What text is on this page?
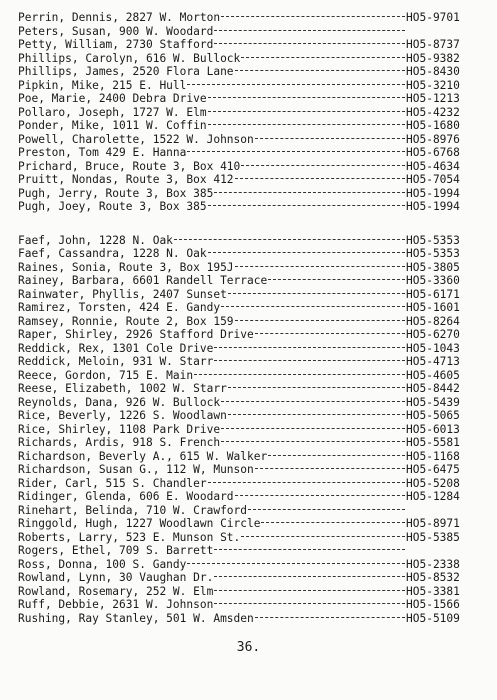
Perrin, Dennis, 2827 W. Morton	HO5-9701
Peters, Susan, 900 W. Woodard
Petty, William, 2730 Stafford	HO5-8737
Phillips, Carolyn, 616 W. Bullock	HO5-9382
Phillips, James, 2520 Flora Lane	HO5-8430
Pipkin, Mike, 215 E. Hull	HO5-3210
Poe, Marie, 2400 Debra Drive	HO5-1213
Pollaro, Joseph, 1727 W. Elm	HO5-4232
Ponder, Mike, 1011 W. Coffin	HO5-1680
Powell, Charolette, 1522 W. Johnson	HO5-8976
Preston, Tom 429 E. Hanna	HO5-6768
Prichard, Bruce, Route 3, Box 410	HO5-4634
Pruitt, Nondas, Route 3, Box 412	HO5-7054
Pugh, Jerry, Route 3, Box 385	HO5-1994
Pugh, Joey, Route 3, Box 385	HO5-1994
Faef, John, 1228 N. Oak	HO5-5353
Faef, Cassandra, 1228 N. Oak	HO5-5353
Raines, Sonia, Route 3, Box 195J	HO5-3805
Rainey, Barbara, 6601 Randell Terrace	HO5-3360
Rainwater, Phyllis, 2407 Sunset	HO5-6171
Ramirez, Torsten, 424 E. Gandy	HO5-1601
Ramsey, Ronnie, Route 2, Box 159	HO5-8264
Raper, Shirley, 2926 Stafford Drive	HO5-6270
Reddick, Rex, 1301 Cole Drive	HO5-1043
Reddick, Meloin, 931 W. Starr	HO5-4713
Reece, Gordon, 715 E. Main	HO5-4605
Reese, Elizabeth, 1002 W. Starr	HO5-8442
Reynolds, Dana, 926 W. Bullock	HO5-5439
Rice, Beverly, 1226 S. Woodlawn	HO5-5065
Rice, Shirley, 1108 Park Drive	HO5-6013
Richards, Ardis, 918 S. French	HO5-5581
Richardson, Beverly A., 615 W. Walker	HO5-1168
Richardson, Susan G., 112 W, Munson	HO5-6475
Rider, Carl, 515 S. Chandler	HO5-5208
Ridinger, Glenda, 606 E. Woodard	HO5-1284
Rinehart, Belinda, 710 W. Crawford
Ringgold, Hugh, 1227 Woodlawn Circle	HO5-8971
Roberts, Larry, 523 E. Munson St.	HO5-5385
Rogers, Ethel, 709 S. Barrett
Ross, Donna, 100 S. Gandy	HO5-2338
Rowland, Lynn, 30 Vaughan Dr.	HO5-8532
Rowland, Rosemary, 252 W. Elm	HO5-3381
Ruff, Debbie, 2631 W. Johnson	HO5-1566
Rushing, Ray Stanley, 501 W. Amsden	HO5-5109
36.
